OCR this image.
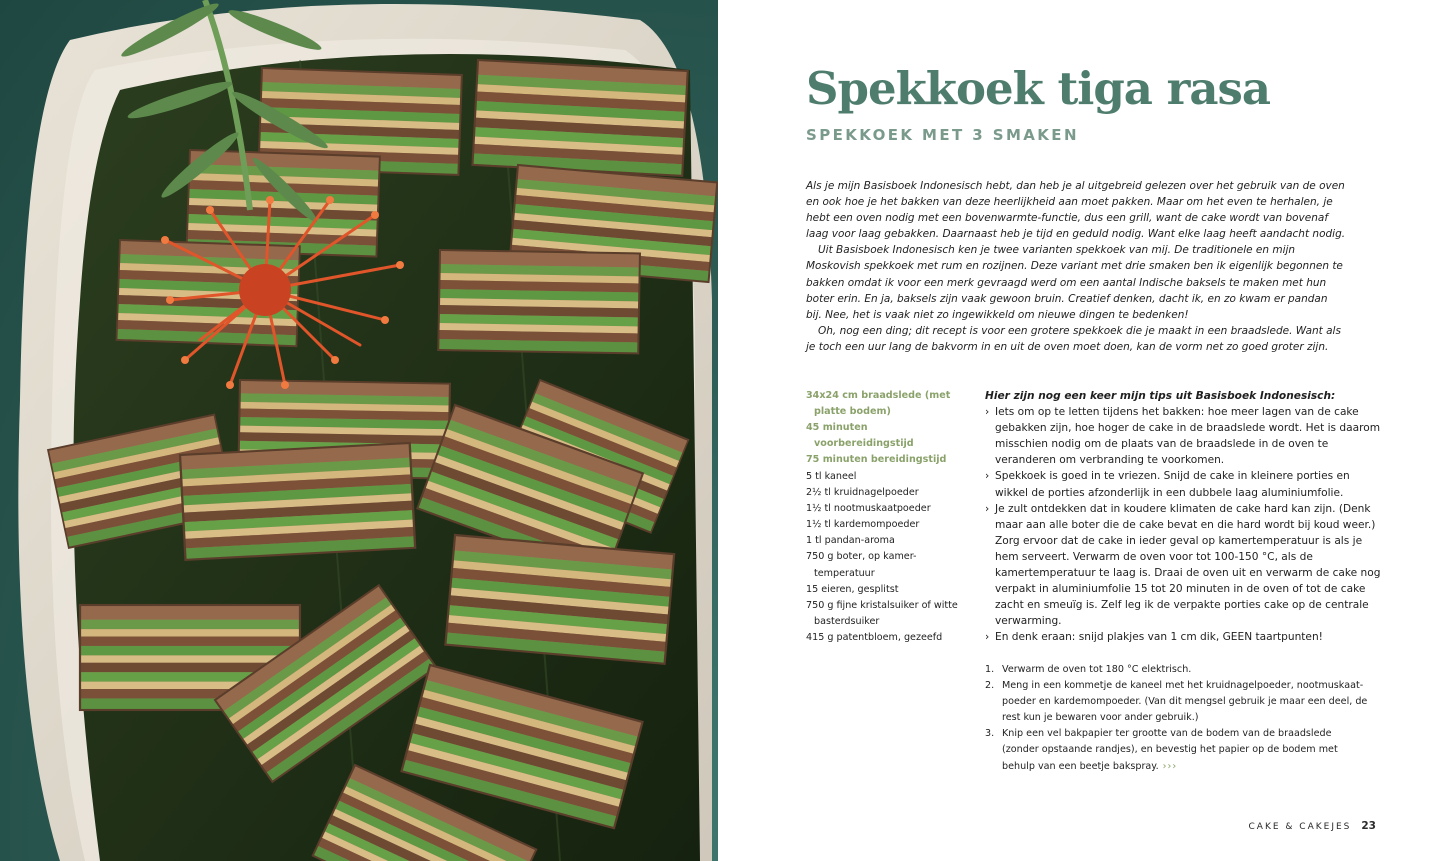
Spekkoek tiga rasa
SPEKKOEK MET 3 SMAKEN

Als je mijn Basisboek Indonesisch hebt, dan heb je al uitgebreid gelezen over het gebruik van de oven en ook hoe je het bakken van deze heerlijkheid aan moet pakken. Maar om het even te herhalen, je hebt een oven nodig met een bovenwarmte-functie, dus een grill, want de cake wordt van bovenaf laag voor laag gebakken. Daarnaast heb je tijd en geduld nodig. Want elke laag heeft aandacht nodig.

Uit Basisboek Indonesisch ken je twee varianten spekkoek van mij. De traditionele en mijn Moskovish spekkoek met rum en rozijnen. Deze variant met drie smaken ben ik eigenlijk begonnen te bakken omdat ik voor een merk gevraagd werd om een aantal Indische baksels te maken met hun boter erin. En ja, baksels zijn vaak gewoon bruin. Creatief denken, dacht ik, en zo kwam er pandan bij. Nee, het is vaak niet zo ingewikkeld om nieuwe dingen te bedenken!

Oh, nog een ding; dit recept is voor een grotere spekkoek die je maakt in een braadslede. Want als je toch een uur lang de bakvorm in en uit de oven moet doen, kan de vorm net zo goed groter zijn.

34x24 cm braadslede (met platte bodem)
45 minuten voorbereidingstijd
75 minuten bereidingstijd
5 tl kaneel
2½ tl kruidnagelpoeder
1½ tl nootmuskaatpoeder
1½ tl kardemompoeder
1 tl pandan-aroma
750 g boter, op kamer-temperatuur
15 eieren, gesplitst
750 g fijne kristalsuiker of witte basterdsuiker
415 g patentbloem, gezeefd
Hier zijn nog een keer mijn tips uit Basisboek Indonesisch:
› Iets om op te letten tijdens het bakken: hoe meer lagen van de cake gebakken zijn, hoe hoger de cake in de braadslede wordt. Het is daarom misschien nodig om de plaats van de braadslede in de oven te veranderen om verbranding te voorkomen.
› Spekkoek is goed in te vriezen. Snijd de cake in kleinere porties en wikkel de porties afzonderlijk in een dubbele laag aluminiumfolie.
› Je zult ontdekken dat in koudere klimaten de cake hard kan zijn. (Denk maar aan alle boter die de cake bevat en die hard wordt bij koud weer.) Zorg ervoor dat de cake in ieder geval op kamertemperatuur is als je hem serveert. Verwarm de oven voor tot 100-150 °C, als de kamertemperatuur te laag is. Draai de oven uit en verwarm de cake nog verpakt in aluminiumfolie 15 tot 20 minuten in de oven of tot de cake zacht en smeuïg is. Zelf leg ik de verpakte porties cake op de centrale verwarming.
› En denk eraan: snijd plakjes van 1 cm dik, GEEN taartpunten!
1. Verwarm de oven tot 180 °C elektrisch.
2. Meng in een kommetje de kaneel met het kruidnagelpoeder, nootmuskaat-poeder en kardemompoeder. (Van dit mengsel gebruik je maar een deel, de rest kun je bewaren voor ander gebruik.)
3. Knip een vel bakpapier ter grootte van de bodem van de braadslede (zonder opstaande randjes), en bevestig het papier op de bodem met behulp van een beetje bakspray. ›››
CAKE & CAKEJES 23
